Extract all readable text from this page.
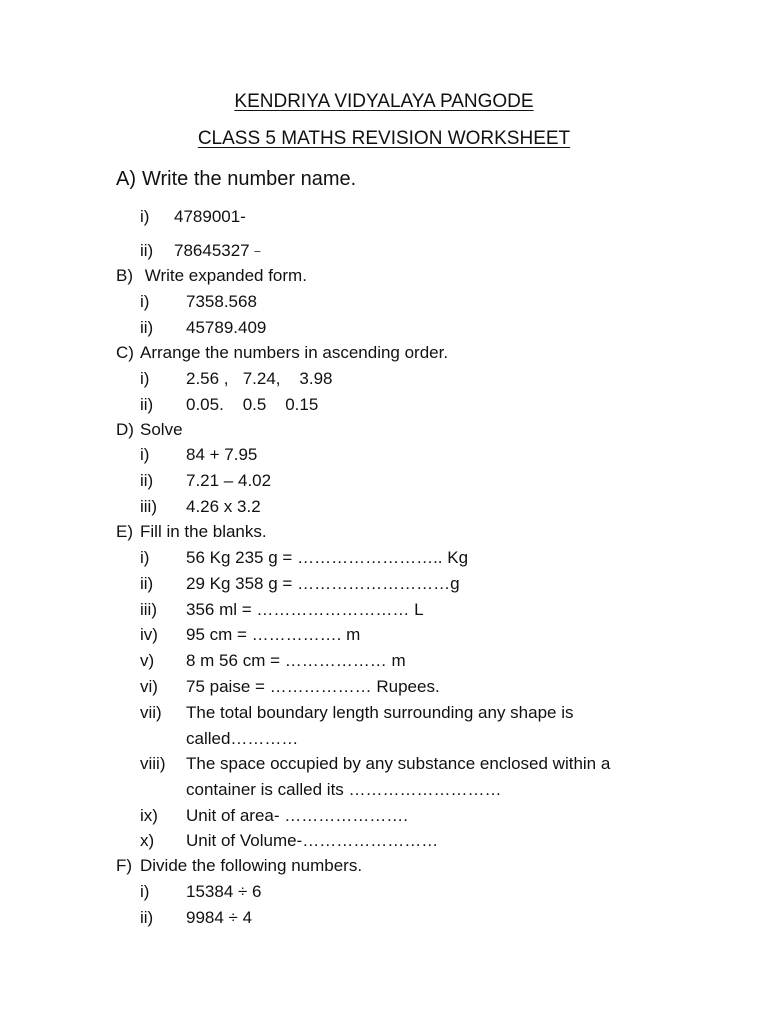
KENDRIYA VIDYALAYA PANGODE
CLASS 5 MATHS REVISION WORKSHEET
A) Write the number name.
i) 4789001-
ii) 78645327 –
B) Write expanded form.
i) 7358.568
ii) 45789.409
C) Arrange the numbers in ascending order.
i) 2.56 ,   7.24,    3.98
ii) 0.05.    0.5    0.15
D) Solve
i) 84 + 7.95
ii) 7.21 – 4.02
iii) 4.26 x 3.2
E) Fill in the blanks.
i) 56 Kg 235 g = …………………….. Kg
ii) 29 Kg 358 g = ………………………g
iii) 356 ml = ……………………… L
iv) 95 cm = ……………. m
v) 8 m 56 cm = ……………… m
vi) 75 paise = ……………… Rupees.
vii) The total boundary length surrounding any shape is
called…………
viii) The space occupied by any substance enclosed within a
container is called its ………………………
ix) Unit of area- ………………….
x) Unit of Volume-……………………
F) Divide the following numbers.
i) 15384 ÷ 6
ii) 9984 ÷ 4
